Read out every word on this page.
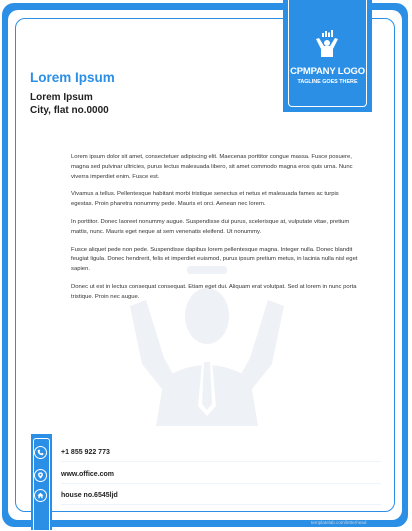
CPMPANY LOGO
TAGLINE GOES THERE
Lorem Ipsum
Lorem Ipsum
City, flat no.0000

Lorem ipsum dolor sit amet, consectetuer adipiscing elit. Maecenas porttitor congue massa. Fusce posuere, magna sed pulvinar ultricies, purus lectus malesuada libero, sit amet commodo magna eros quis urna. Nunc viverra imperdiet enim. Fusce est.

Vivamus a tellus. Pellentesque habitant morbi tristique senectus et netus et malesuada fames ac turpis egestas. Proin pharetra nonummy pede. Mauris et orci. Aenean nec lorem.

In porttitor. Donec laoreet nonummy augue. Suspendisse dui purus, scelerisque at, vulputate vitae, pretium mattis, nunc. Mauris eget neque at sem venenatis eleifend. Ut nonummy.

Fusce aliquet pede non pede. Suspendisse dapibus lorem pellentesque magna. Integer nulla. Donec blandit feugiat ligula. Donec hendrerit, felis et imperdiet euismod, purus ipsum pretium metus, in lacinia nulla nisl eget sapien.

Donec ut est in lectus consequat consequat. Etiam eget dui. Aliquam erat volutpat. Sed at lorem in nunc porta tristique. Proin nec augue.

+1 855 922 773
www.office.com
house no.6545ljd
templatelab.com/letterhead
